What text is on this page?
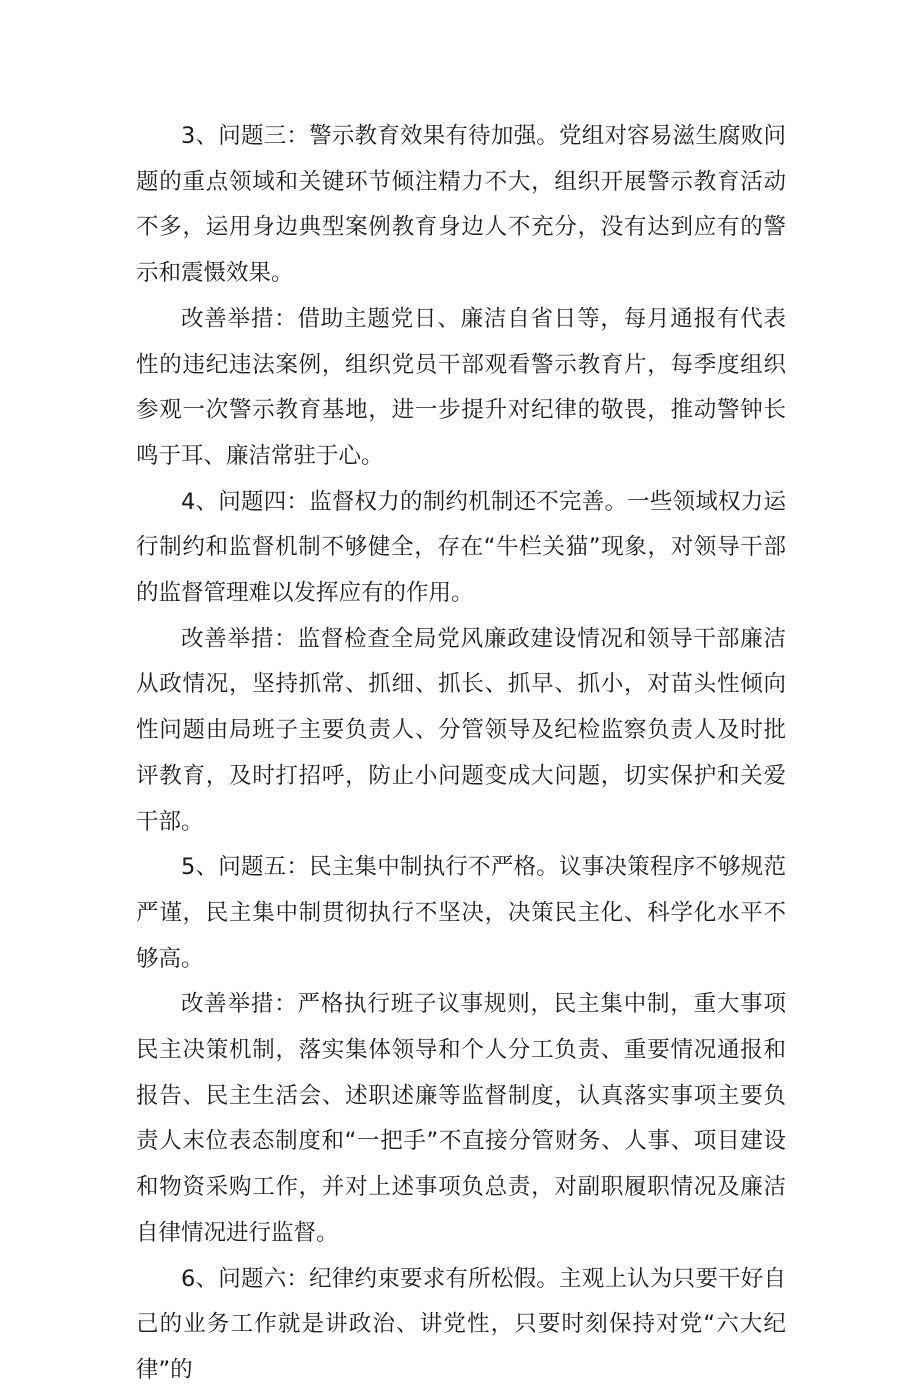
3、问题三：警示教育效果有待加强。党组对容易滋生腐败问题的重点领域和关键环节倾注精力不大，组织开展警示教育活动不多，运用身边典型案例教育身边人不充分，没有达到应有的警示和震慑效果。

改善举措：借助主题党日、廉洁自省日等，每月通报有代表性的违纪违法案例，组织党员干部观看警示教育片，每季度组织参观一次警示教育基地，进一步提升对纪律的敬畏，推动警钟长鸣于耳、廉洁常驻于心。

4、问题四：监督权力的制约机制还不完善。一些领域权力运行制约和监督机制不够健全，存在“牛栏关猫”现象，对领导干部的监督管理难以发挥应有的作用。

改善举措：监督检查全局党风廉政建设情况和领导干部廉洁从政情况，坚持抓常、抓细、抓长、抓早、抓小，对苗头性倾向性问题由局班子主要负责人、分管领导及纪检监察负责人及时批评教育，及时打招呼，防止小问题变成大问题，切实保护和关爱干部。

5、问题五：民主集中制执行不严格。议事决策程序不够规范严谨，民主集中制贯彻执行不坚决，决策民主化、科学化水平不够高。

改善举措：严格执行班子议事规则，民主集中制，重大事项民主决策机制，落实集体领导和个人分工负责、重要情况通报和报告、民主生活会、述职述廉等监督制度，认真落实事项主要负责人末位表态制度和“一把手”不直接分管财务、人事、项目建设和物资采购工作，并对上述事项负总责，对副职履职情况及廉洁自律情况进行监督。

6、问题六：纪律约束要求有所松假。主观上认为只要干好自己的业务工作就是讲政治、讲党性，只要时刻保持对党“六大纪律”的
